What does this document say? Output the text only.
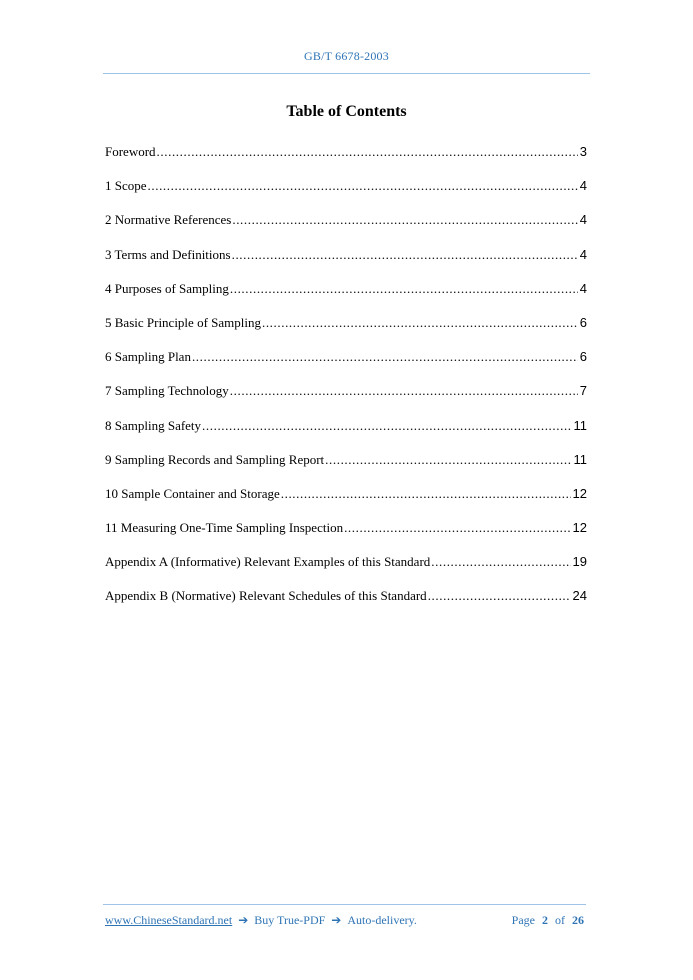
GB/T 6678-2003
Table of Contents
Foreword .....	3
1 Scope .....	4
2 Normative References .....	4
3 Terms and Definitions .....	4
4 Purposes of Sampling .....	4
5 Basic Principle of Sampling .....	6
6 Sampling Plan .....	6
7 Sampling Technology .....	7
8 Sampling Safety .....	11
9 Sampling Records and Sampling Report .....	11
10 Sample Container and Storage .....	12
11 Measuring One-Time Sampling Inspection .....	12
Appendix A (Informative) Relevant Examples of this Standard .....	19
Appendix B (Normative) Relevant Schedules of this Standard .....	24
www.ChineseStandard.net ➔ Buy True-PDF ➔ Auto-delivery.	Page 2 of 26
